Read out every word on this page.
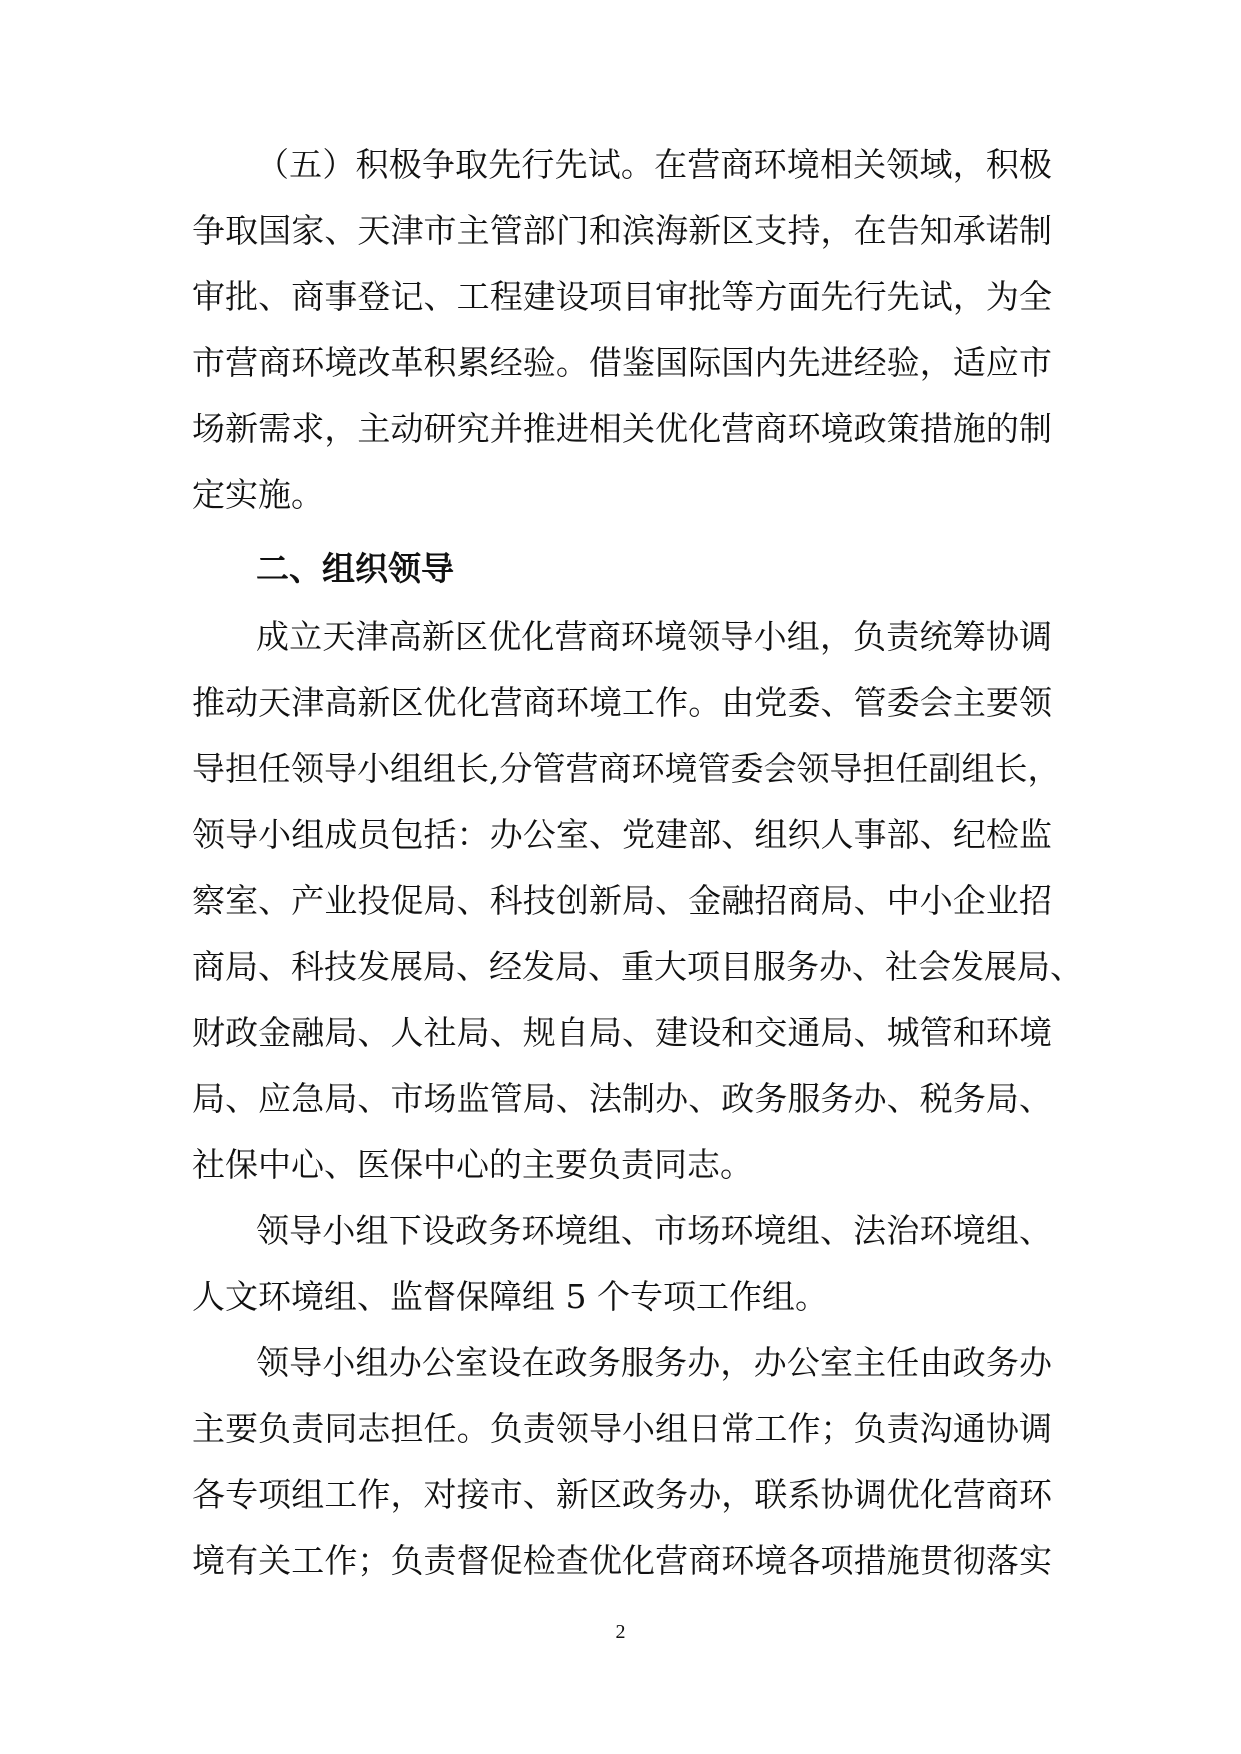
（五）积极争取先行先试。在营商环境相关领域，积极
争取国家、天津市主管部门和滨海新区支持，在告知承诺制
审批、商事登记、工程建设项目审批等方面先行先试，为全
市营商环境改革积累经验。借鉴国际国内先进经验，适应市
场新需求，主动研究并推进相关优化营商环境政策措施的制
定实施。
二、组织领导
成立天津高新区优化营商环境领导小组，负责统筹协调
推动天津高新区优化营商环境工作。由党委、管委会主要领
导担任领导小组组长,分管营商环境管委会领导担任副组长，
领导小组成员包括：办公室、党建部、组织人事部、纪检监
察室、产业投促局、科技创新局、金融招商局、中小企业招
商局、科技发展局、经发局、重大项目服务办、社会发展局、
财政金融局、人社局、规自局、建设和交通局、城管和环境
局、应急局、市场监管局、法制办、政务服务办、税务局、
社保中心、医保中心的主要负责同志。
领导小组下设政务环境组、市场环境组、法治环境组、
人文环境组、监督保障组 5 个专项工作组。
领导小组办公室设在政务服务办，办公室主任由政务办
主要负责同志担任。负责领导小组日常工作；负责沟通协调
各专项组工作，对接市、新区政务办，联系协调优化营商环
境有关工作；负责督促检查优化营商环境各项措施贯彻落实
2
